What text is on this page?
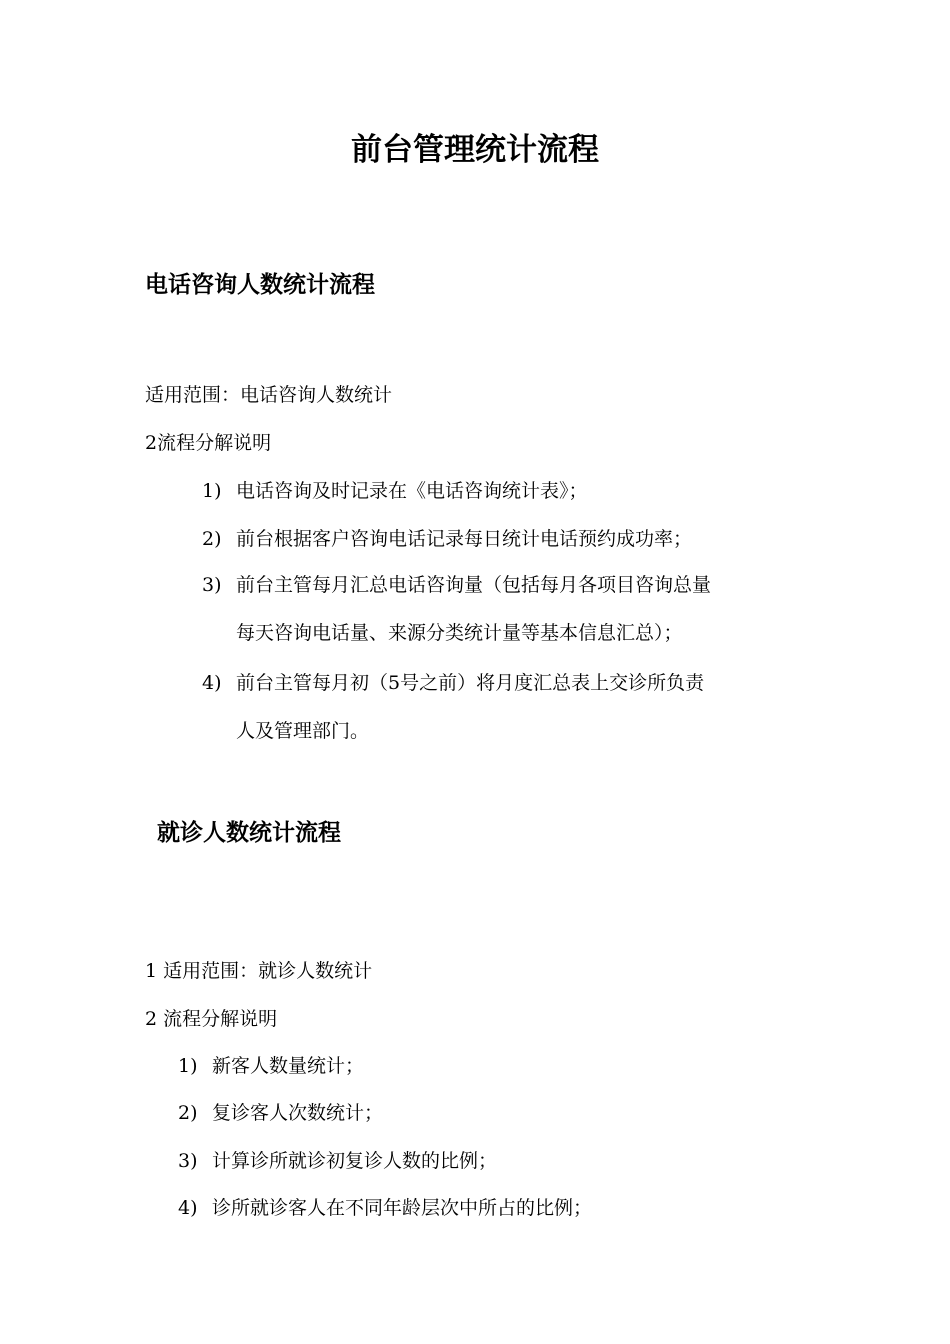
前台管理统计流程
电话咨询人数统计流程

适用范围：电话咨询人数统计

2流程分解说明

1) 电话咨询及时记录在《电话咨询统计表》；
2) 前台根据客户咨询电话记录每日统计电话预约成功率；
3) 前台主管每月汇总电话咨询量（包括每月各项目咨询总量
每天咨询电话量、来源分类统计量等基本信息汇总）；
4) 前台主管每月初（5号之前）将月度汇总表上交诊所负责
人及管理部门。
就诊人数统计流程

1 适用范围：就诊人数统计

2 流程分解说明

1) 新客人数量统计；
2) 复诊客人次数统计；
3) 计算诊所就诊初复诊人数的比例；
4) 诊所就诊客人在不同年龄层次中所占的比例；
